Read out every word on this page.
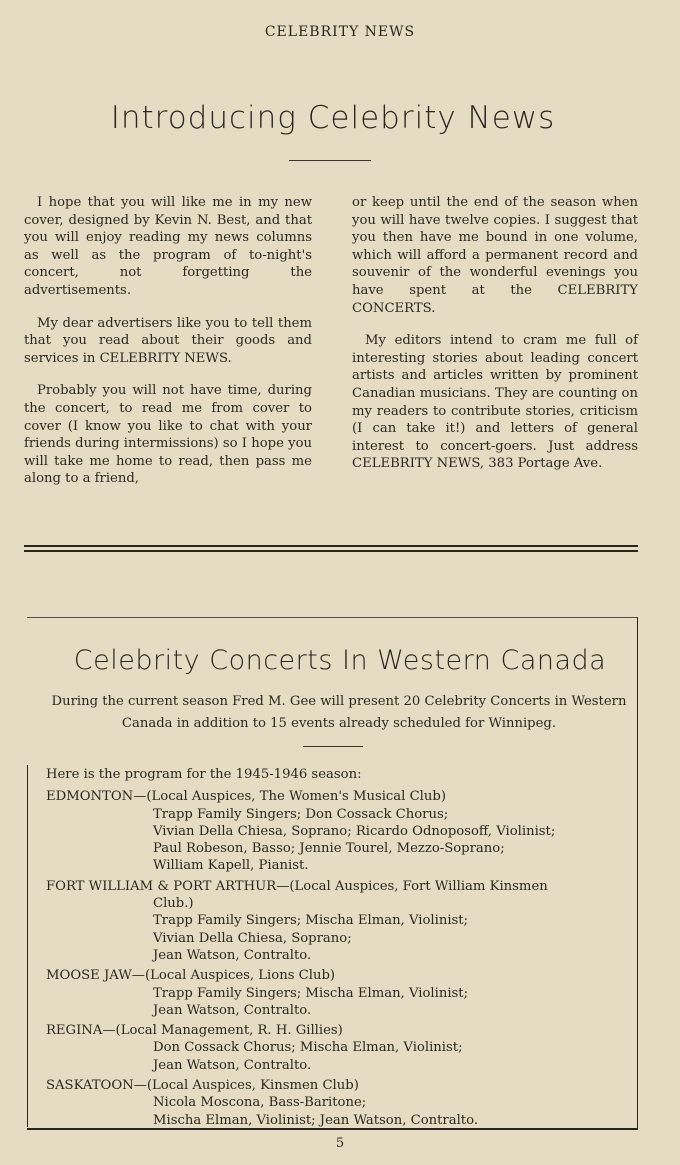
CELEBRITY NEWS
Introducing Celebrity News

I hope that you will like me in my new cover, designed by Kevin N. Best, and that you will enjoy reading my news columns as well as the program of to-night's concert, not forgetting the advertisements.

My dear advertisers like you to tell them that you read about their goods and services in CELEBRITY NEWS.

Probably you will not have time, during the concert, to read me from cover to cover (I know you like to chat with your friends during intermissions) so I hope you will take me home to read, then pass me along to a friend,

or keep until the end of the season when you will have twelve copies. I suggest that you then have me bound in one volume, which will afford a permanent record and souvenir of the wonderful evenings you have spent at the CELEBRITY CONCERTS.

My editors intend to cram me full of interesting stories about leading concert artists and articles written by prominent Canadian musicians. They are counting on my readers to contribute stories, criticism (I can take it!) and letters of general interest to concert-goers. Just address CELEBRITY NEWS, 383 Portage Ave.

Celebrity Concerts In Western Canada
During the current season Fred M. Gee will present 20 Celebrity Concerts in Western Canada in addition to 15 events already scheduled for Winnipeg.
Here is the program for the 1945-1946 season:
EDMONTON—(Local Auspices, The Women's Musical Club)
Trapp Family Singers; Don Cossack Chorus;
Vivian Della Chiesa, Soprano; Ricardo Odnoposoff, Violinist;
Paul Robeson, Basso; Jennie Tourel, Mezzo-Soprano;
William Kapell, Pianist.
FORT WILLIAM & PORT ARTHUR—(Local Auspices, Fort William Kinsmen
Club.)
Trapp Family Singers; Mischa Elman, Violinist;
Vivian Della Chiesa, Soprano;
Jean Watson, Contralto.
MOOSE JAW—(Local Auspices, Lions Club)
Trapp Family Singers; Mischa Elman, Violinist;
Jean Watson, Contralto.
REGINA—(Local Management, R. H. Gillies)
Don Cossack Chorus; Mischa Elman, Violinist;
Jean Watson, Contralto.
SASKATOON—(Local Auspices, Kinsmen Club)
Nicola Moscona, Bass-Baritone;
Mischa Elman, Violinist; Jean Watson, Contralto.
5
